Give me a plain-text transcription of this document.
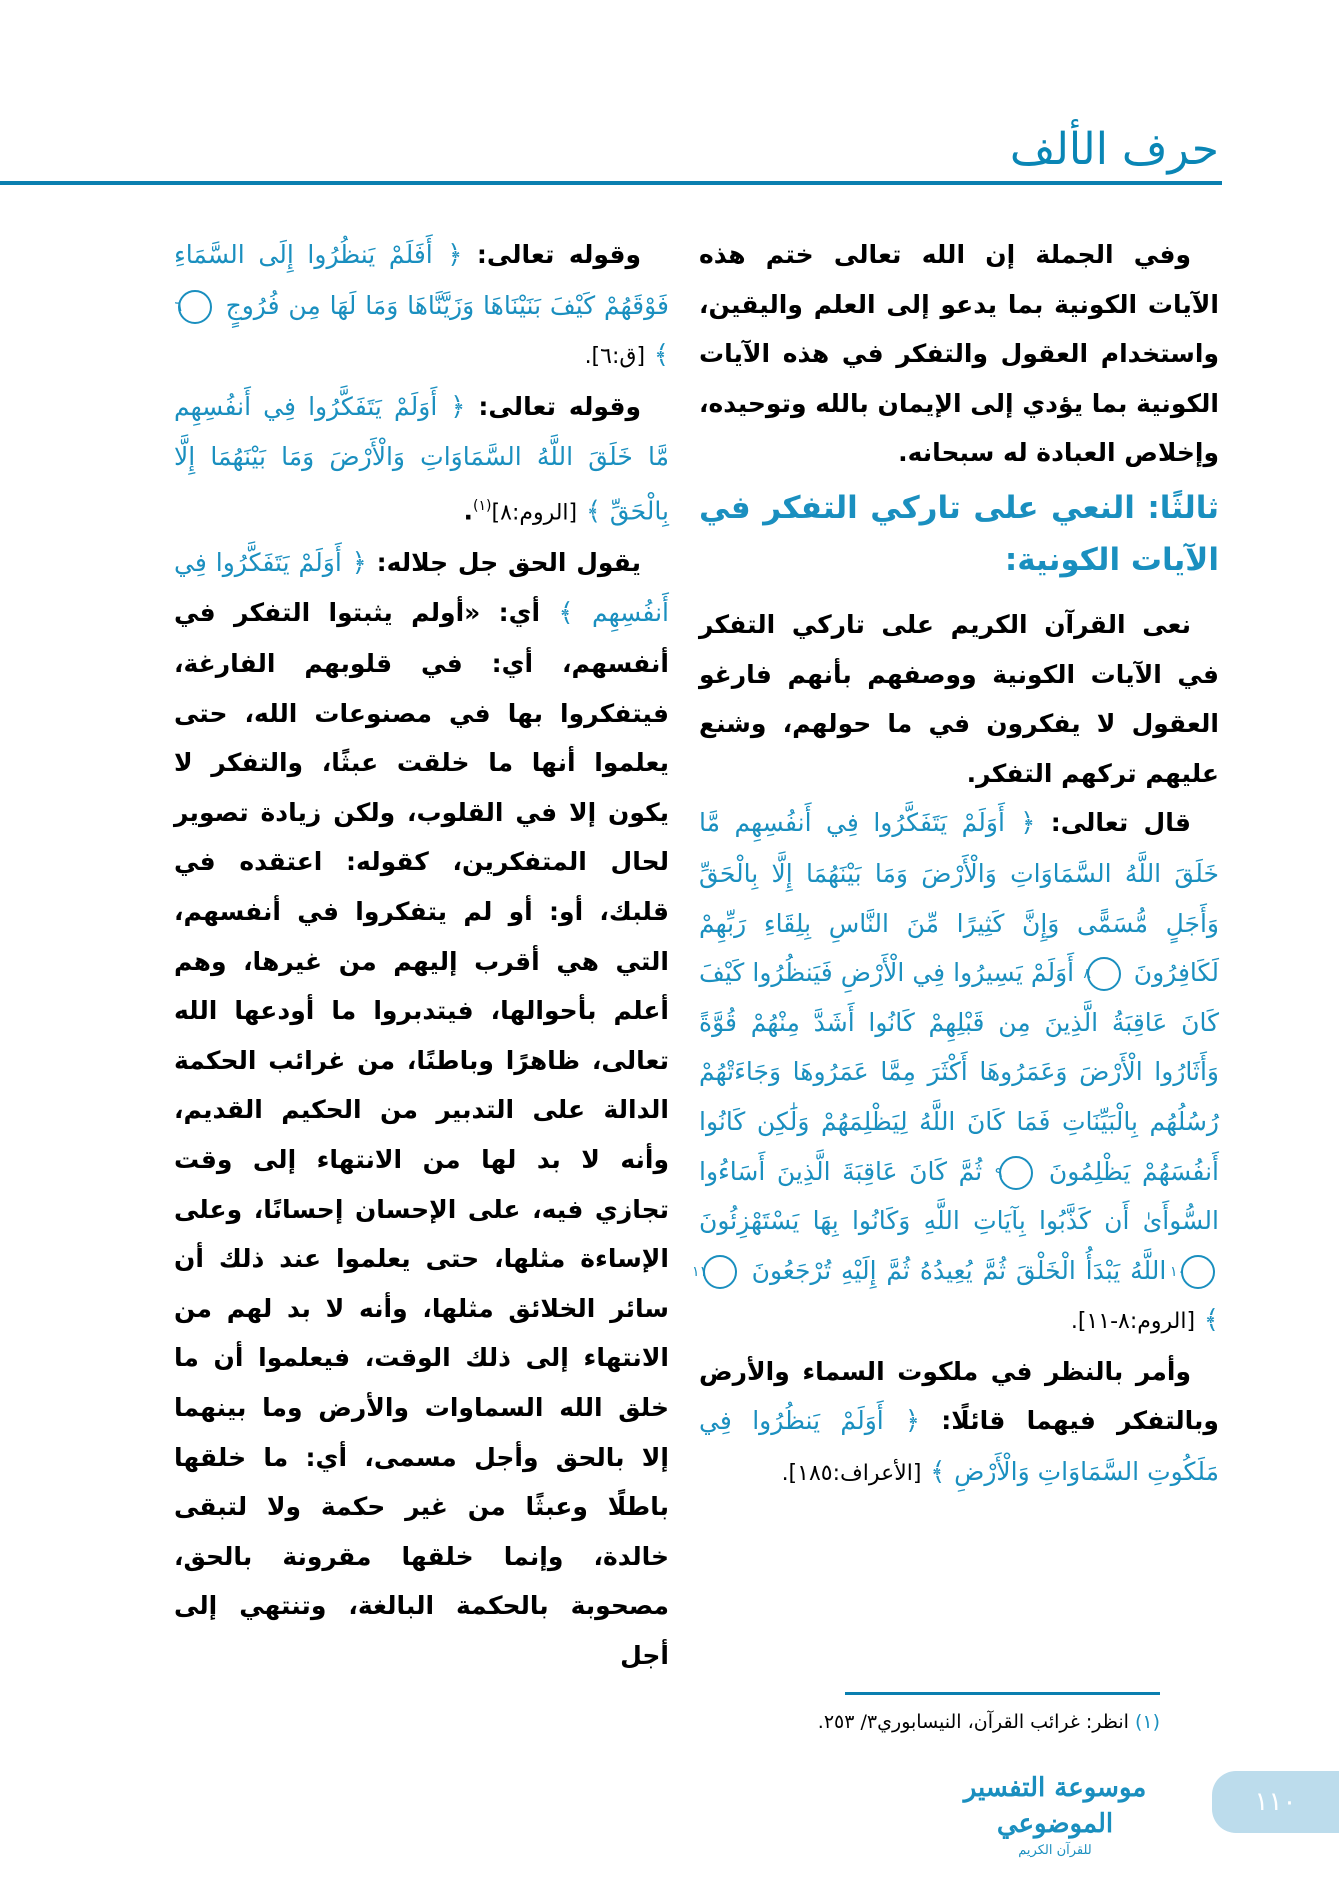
حرف الألف

وفي الجملة إن الله تعالى ختم هذه الآيات الكونية بما يدعو إلى العلم واليقين، واستخدام العقول والتفكر في هذه الآيات الكونية بما يؤدي إلى الإيمان بالله وتوحيده، وإخلاص العبادة له سبحانه.

ثالثًا: النعي على تاركي التفكر في الآيات الكونية:

نعى القرآن الكريم على تاركي التفكر في الآيات الكونية ووصفهم بأنهم فارغو العقول لا يفكرون في ما حولهم، وشنع عليهم تركهم التفكر.

قال تعالى: ﴿ أَوَلَمْ يَتَفَكَّرُوا فِي أَنفُسِهِم مَّا خَلَقَ اللَّهُ السَّمَاوَاتِ وَالْأَرْضَ وَمَا بَيْنَهُمَا إِلَّا بِالْحَقِّ وَأَجَلٍ مُّسَمًّى وَإِنَّ كَثِيرًا مِّنَ النَّاسِ بِلِقَاءِ رَبِّهِمْ لَكَافِرُونَ ٨ أَوَلَمْ يَسِيرُوا فِي الْأَرْضِ فَيَنظُرُوا كَيْفَ كَانَ عَاقِبَةُ الَّذِينَ مِن قَبْلِهِمْ كَانُوا أَشَدَّ مِنْهُمْ قُوَّةً وَأَثَارُوا الْأَرْضَ وَعَمَرُوهَا أَكْثَرَ مِمَّا عَمَرُوهَا وَجَاءَتْهُمْ رُسُلُهُم بِالْبَيِّنَاتِ فَمَا كَانَ اللَّهُ لِيَظْلِمَهُمْ وَلَٰكِن كَانُوا أَنفُسَهُمْ يَظْلِمُونَ ٩ ثُمَّ كَانَ عَاقِبَةَ الَّذِينَ أَسَاءُوا السُّوأَىٰ أَن كَذَّبُوا بِآيَاتِ اللَّهِ وَكَانُوا بِهَا يَسْتَهْزِئُونَ ١٠ اللَّهُ يَبْدَأُ الْخَلْقَ ثُمَّ يُعِيدُهُ ثُمَّ إِلَيْهِ تُرْجَعُونَ ١١ ﴾ [الروم:٨-١١].

وأمر بالنظر في ملكوت السماء والأرض وبالتفكر فيهما قائلًا: ﴿ أَوَلَمْ يَنظُرُوا فِي مَلَكُوتِ السَّمَاوَاتِ وَالْأَرْضِ ﴾ [الأعراف:١٨٥].

وقوله تعالى: ﴿ أَفَلَمْ يَنظُرُوا إِلَى السَّمَاءِ فَوْقَهُمْ كَيْفَ بَنَيْنَاهَا وَزَيَّنَّاهَا وَمَا لَهَا مِن فُرُوجٍ ٦ ﴾ [ق:٦].

وقوله تعالى: ﴿ أَوَلَمْ يَتَفَكَّرُوا فِي أَنفُسِهِم مَّا خَلَقَ اللَّهُ السَّمَاوَاتِ وَالْأَرْضَ وَمَا بَيْنَهُمَا إِلَّا بِالْحَقِّ ﴾ [الروم:٨]$^{(١)}$.

يقول الحق جل جلاله: ﴿ أَوَلَمْ يَتَفَكَّرُوا فِي أَنفُسِهِم ﴾ أي: «أولم يثبتوا التفكر في أنفسهم، أي: في قلوبهم الفارغة، فيتفكروا بها في مصنوعات الله، حتى يعلموا أنها ما خلقت عبثًا، والتفكر لا يكون إلا في القلوب، ولكن زيادة تصوير لحال المتفكرين، كقوله: اعتقده في قلبك، أو: أو لم يتفكروا في أنفسهم، التي هي أقرب إليهم من غيرها، وهم أعلم بأحوالها، فيتدبروا ما أودعها الله تعالى، ظاهرًا وباطنًا، من غرائب الحكمة الدالة على التدبير من الحكيم القديم، وأنه لا بد لها من الانتهاء إلى وقت تجازي فيه، على الإحسان إحسانًا، وعلى الإساءة مثلها، حتى يعلموا عند ذلك أن سائر الخلائق مثلها، وأنه لا بد لهم من الانتهاء إلى ذلك الوقت، فيعلموا أن ما خلق الله السماوات والأرض وما بينهما إلا بالحق وأجل مسمى، أي: ما خلقها باطلًا وعبثًا من غير حكمة ولا لتبقى خالدة، وإنما خلقها مقرونة بالحق، مصحوبة بالحكمة البالغة، وتنتهي إلى أجل

(١) انظر: غرائب القرآن، النيسابوري٣/ ٢٥٣.
موسوعة التفسير الموضوعي
للقرآن الكريم
١١٠
